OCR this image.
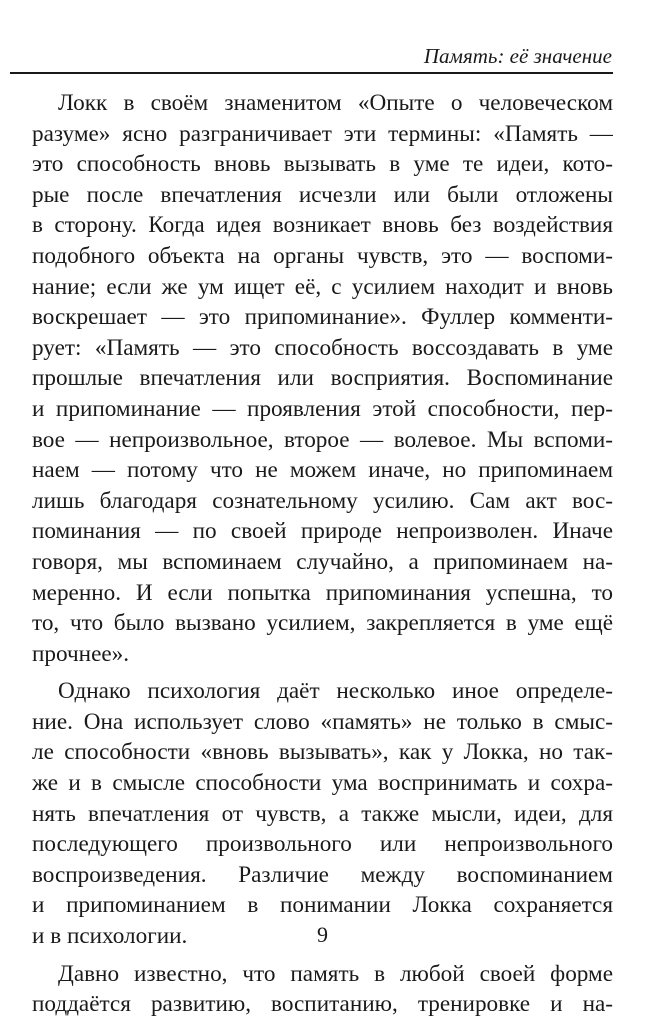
Память: её значение

Локк в своём знаменитом «Опыте о человеческом
разуме» ясно разграничивает эти термины: «Память —
это способность вновь вызывать в уме те идеи, кото-
рые после впечатления исчезли или были отложены
в сторону. Когда идея возникает вновь без воздействия
подобного объекта на органы чувств, это — воспоми-
нание; если же ум ищет её, с усилием находит и вновь
воскрешает — это припоминание». Фуллер комменти-
рует: «Память — это способность воссоздавать в уме
прошлые впечатления или восприятия. Воспоминание
и припоминание — проявления этой способности, пер-
вое — непроизвольное, второе — волевое. Мы вспоми-
наем — потому что не можем иначе, но припоминаем
лишь благодаря сознательному усилию. Сам акт вос-
поминания — по своей природе непроизволен. Иначе
говоря, мы вспоминаем случайно, а припоминаем на-
меренно. И если попытка припоминания успешна, то
то, что было вызвано усилием, закрепляется в уме ещё
прочнее».

Однако психология даёт несколько иное определе-
ние. Она использует слово «память» не только в смыс-
ле способности «вновь вызывать», как у Локка, но так-
же и в смысле способности ума воспринимать и сохра-
нять впечатления от чувств, а также мысли, идеи, для
последующего произвольного или непроизвольного
воспроизведения. Различие между воспоминанием
и припоминанием в понимании Локка сохраняется
и в психологии.

Давно известно, что память в любой своей форме
поддаётся развитию, воспитанию, тренировке и на-

9
